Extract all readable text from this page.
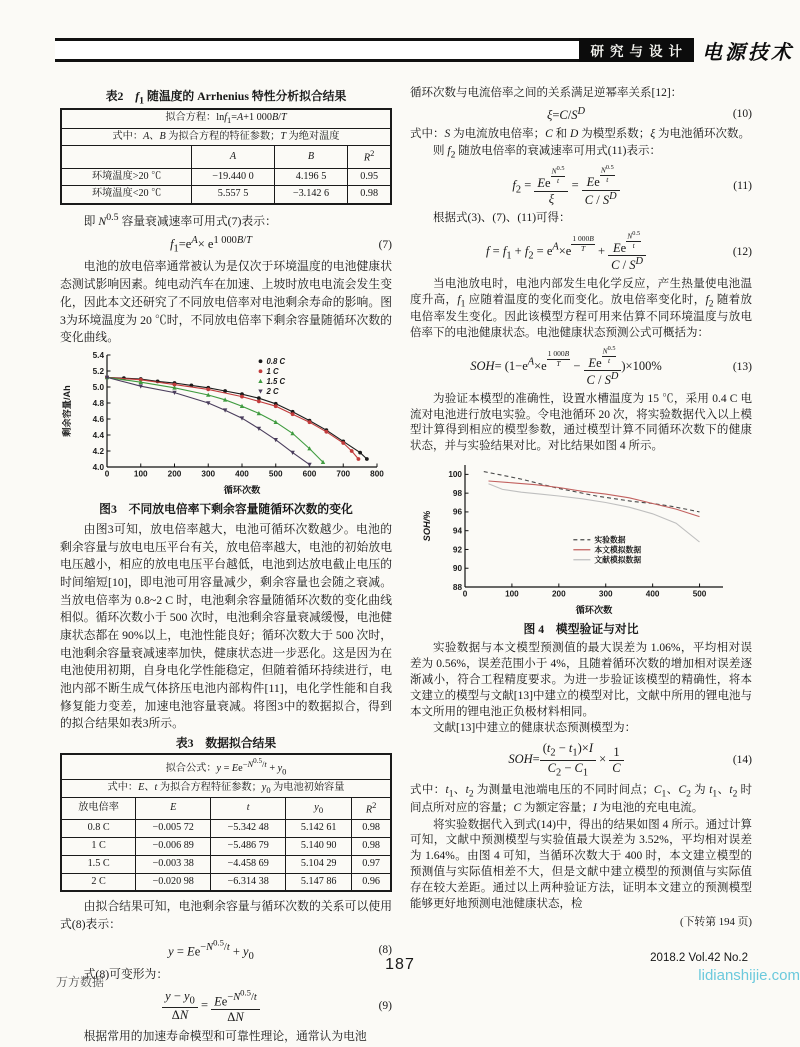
研究与设计 电源技术
表2　$f_1$ 随温度的 Arrhenius 特性分析拟合结果
拟合方程：lnf$_1$=A+1 000B/T			
式中：A、B 为拟合方程的特征参数；T 为绝对温度			
	A	B	$R^2$
环境温度>20 ℃	−19.440 0	4.196 5	0.95
环境温度<20 ℃	5.557 5	−3.142 6	0.98

即 $N^{0.5}$ 容量衰减速率可用式(7)表示：

$f_1=e^A\times e^{1 000B/T}$	(7)

电池的放电倍率通常被认为是仅次于环境温度的电池健康状态测试影响因素。纯电动汽车在加速、上坡时放电电流会发生变化，因此本文还研究了不同放电倍率对电池剩余寿命的影响。图3为环境温度为 20 ℃时，不同放电倍率下剩余容量随循环次数的变化曲线。

0	100 200 300 400 500 600 700 800
4.0
4.2
4.4
4.6
4.8
5.0
5.2
5.4
循环次数
剩余容量/Ah
0.8 C
1 C
1.5 C
2 C
图3　不同放电倍率下剩余容量随循环次数的变化

由图3可知，放电倍率越大，电池可循环次数越少。电池的剩余容量与放电电压平台有关，放电倍率越大，电池的初始放电电压越小，相应的放电电压平台越低，电池到达放电截止电压的时间缩短[10]，即电池可用容量减少，剩余容量也会随之衰减。当放电倍率为 0.8~2 C 时，电池剩余容量随循环次数的变化曲线相似。循环次数小于 500 次时，电池剩余容量衰减缓慢，电池健康状态都在 90%以上，电池性能良好；循环次数大于 500 次时，电池剩余容量衰减速率加快，健康状态进一步恶化。这是因为在电池使用初期，自身电化学性能稳定，但随着循环持续进行，电池内部不断生成气体挤压电池内部构件[11]，电化学性能和自我修复能力变差，加速电池容量衰减。将图3中的数据拟合，得到的拟合结果如表3所示。

表3　数据拟合结果
拟合公式：$y = Ee^{-N^{0.5}/t} + y_0$
式中：E、t 为拟合方程特征参数；$y_0$ 为电池初始容量				
放电倍率	E	t	$y_0$	$R^2$
0.8 C	−0.005 72	−5.342 48	5.142 61	0.98
1 C	−0.006 89	−5.486 79	5.140 90	0.98
1.5 C	−0.003 38	−4.458 69	5.104 29	0.97
2 C	−0.020 98	−6.314 38	5.147 86	0.96

由拟合结果可知，电池剩余容量与循环次数的关系可以使用式(8)表示：

$y = Ee^{-N^{0.5}/t} + y_0$
(8)

式(8)可变形为：

$\frac{y - y_0}{\Delta N} = \frac{Ee^{-N^{0.5}/t}}{\Delta N}$	(9)

根据常用的加速寿命模型和可靠性理论，通常认为电池

循环次数与电流倍率之间的关系满足逆幂率关系[12]：

$\xi=C/S^D$	(10)

式中：S 为电流放电倍率；C 和 D 为模型系数；ξ 为电池循环次数。

则 $f_2$ 随放电倍率的衰减速率可用式(11)表示：

$f_2 = \frac{Ee \frac{N^{0.5}}{t}}{\xi} = \frac{Ee \frac{N^{0.5}}{t}}{C / S^D}$	(11)

根据式(3)、(7)、(11)可得：

$f = f_1 + f_2 = e^A\times e \frac{1 000B}{T} + \frac{Ee \frac{N^{0.5}}{t}}{C / S^D}$	(12)

当电池放电时，电池内部发生电化学反应，产生热量使电池温度升高，$f_1$ 应随着温度的变化而变化。放电倍率变化时，$f_2$ 随着放电倍率发生变化。因此该模型方程可用来估算不同环境温度与放电倍率下的电池健康状态。电池健康状态预测公式可概括为：

$SOH= (1-e^A\times e \frac{1 000B}{T} - \frac{Ee \frac{N^{0.5}}{t}}{C / S^D} )\times 100\%$	(13)

为验证本模型的准确性，设置水槽温度为 15 ℃，采用 0.4 C 电流对电池进行放电实验。令电池循环 20 次，将实验数据代入以上模型计算得到相应的模型参数，通过模型计算不同循环次数下的健康状态，并与实验结果对比。对比结果如图 4 所示。

0	100	200	300	400	500
88
90
92
94
96
98
100
循环次数
SOH/%	实验数据
本文模拟数据
文献模拟数据
图 4　模型验证与对比

实验数据与本文模型预测值的最大误差为 1.06%，平均相对误差为 0.56%，误差范围小于 4%，且随着循环次数的增加相对误差逐渐减小，符合工程精度要求。为进一步验证该模型的精确性，将本文建立的模型与文献[13]中建立的模型对比，文献中所用的锂电池与本文所用的锂电池正负极材料相同。

文献[13]中建立的健康状态预测模型为：

$SOH= \frac{(t_2 - t_1)\times I}{C_2 - C_1} \times \frac{1}{C}$	(14)

式中：$t_1$、$t_2$ 为测量电池端电压的不同时间点；$C_1$、$C_2$ 为 $t_1$、$t_2$ 时间点所对应的容量；C 为额定容量；I 为电池的充电电流。

将实验数据代入到式(14)中，得出的结果如图 4 所示。通过计算可知，文献中预测模型与实验值最大误差为 3.52%，平均相对误差为 1.64%。由图 4 可知，当循环次数大于 400 时，本文建立模型的预测值与实际值相差不大，但是文献中建立模型的预测值与实际值存在较大差距。通过以上两种验证方法，证明本文建立的预测模型能够更好地预测电池健康状态，检

(下转第 194 页)
187	2018.2 Vol.42 No.2
lidianshijie.com
万方数据
